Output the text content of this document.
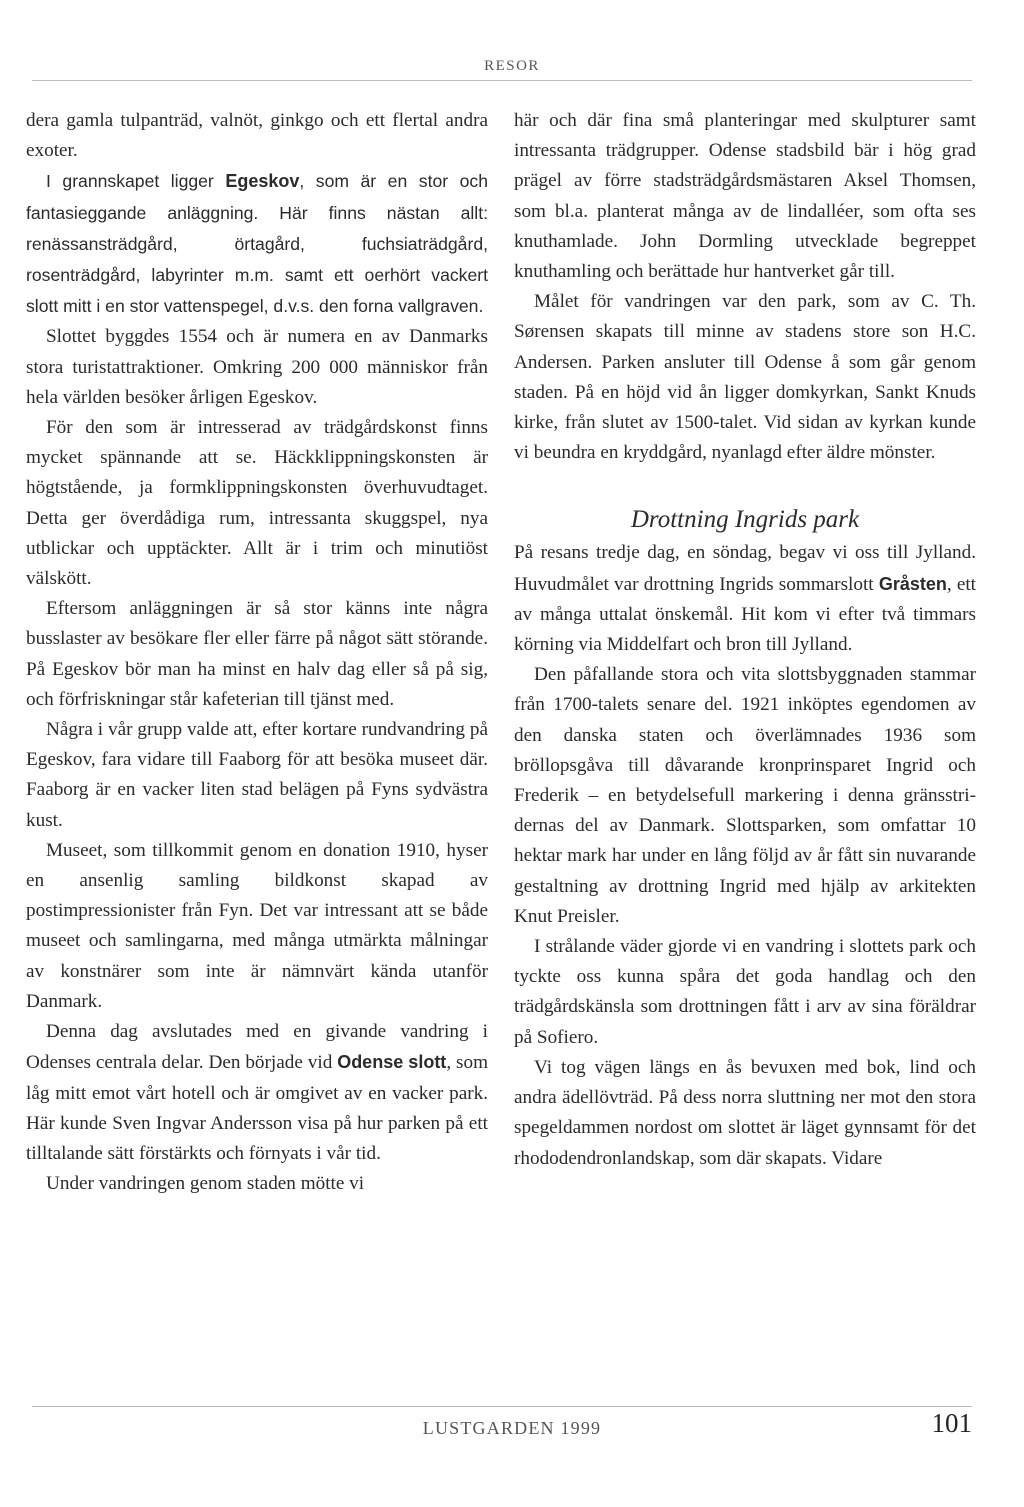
RESOR

dera gamla tulpanträd, valnöt, ginkgo och ett flertal andra exoter.

I grannskapet ligger Egeskov, som är en stor och fantasieggande anläggning. Här finns nästan allt: renässansträdgård, örtagård, fuchsiaträdgård, rosenträdgård, labyrinter m.m. samt ett oerhört vackert slott mitt i en stor vattenspegel, d.v.s. den forna vallgraven.

Slottet byggdes 1554 och är numera en av Danmarks stora turistattraktioner. Omkring 200 000 människor från hela världen besöker årligen Egeskov.

För den som är intresserad av trädgårdskonst finns mycket spännande att se. Häckklippningskonsten är högtstående, ja formklippningskonsten överhuvudtaget. Detta ger överdådiga rum, intressanta skuggspel, nya utblickar och upptäckter. Allt är i trim och minutiöst välskött.

Eftersom anläggningen är så stor känns inte några busslaster av besökare fler eller färre på något sätt störande. På Egeskov bör man ha minst en halv dag eller så på sig, och förfriskningar står kafeterian till tjänst med.

Några i vår grupp valde att, efter kortare rundvandring på Egeskov, fara vidare till Faaborg för att besöka museet där. Faaborg är en vacker liten stad belägen på Fyns sydvästra kust.

Museet, som tillkommit genom en donation 1910, hyser en ansenlig samling bildkonst skapad av postimpressionister från Fyn. Det var intressant att se både museet och samlingarna, med många utmärkta målningar av konstnärer som inte är nämnvärt kända utanför Danmark.

Denna dag avslutades med en givande vandring i Odenses centrala delar. Den började vid Odense slott, som låg mitt emot vårt hotell och är omgivet av en vacker park. Här kunde Sven Ingvar Andersson visa på hur parken på ett tilltalande sätt förstärkts och förnyats i vår tid.

Under vandringen genom staden mötte vi

här och där fina små planteringar med skulpturer samt intressanta trädgrupper. Odense stadsbild bär i hög grad prägel av förre stadsträdgårdsmästaren Aksel Thomsen, som bl.a. planterat många av de lindalléer, som ofta ses knuthamlade. John Dormling utvecklade begreppet knuthamling och berättade hur hantverket går till.

Målet för vandringen var den park, som av C. Th. Sørensen skapats till minne av stadens store son H.C. Andersen. Parken ansluter till Odense å som går genom staden. På en höjd vid ån ligger domkyrkan, Sankt Knuds kirke, från slutet av 1500-talet. Vid sidan av kyrkan kunde vi beundra en kryddgård, nyanlagd efter äldre mönster.

Drottning Ingrids park

På resans tredje dag, en söndag, begav vi oss till Jylland. Huvudmålet var drottning Ingrids sommarslott Gråsten, ett av många uttalat önskemål. Hit kom vi efter två timmars körning via Middelfart och bron till Jylland.

Den påfallande stora och vita slottsbyggnaden stammar från 1700-talets senare del. 1921 inköptes egendomen av den danska staten och överlämnades 1936 som bröllopsgåva till dåvarande kronprinsparet Ingrid och Frederik – en betydelsefull markering i denna gränsstridernas del av Danmark. Slottsparken, som omfattar 10 hektar mark har under en lång följd av år fått sin nuvarande gestaltning av drottning Ingrid med hjälp av arkitekten Knut Preisler.

I strålande väder gjorde vi en vandring i slottets park och tyckte oss kunna spåra det goda handlag och den trädgårdskänsla som drottningen fått i arv av sina föräldrar på Sofiero.

Vi tog vägen längs en ås bevuxen med bok, lind och andra ädellövträd. På dess norra sluttning ner mot den stora spegeldammen nordost om slottet är läget gynnsamt för det rhododendronlandskap, som där skapats. Vidare

LUSTGARDEN 1999	101
